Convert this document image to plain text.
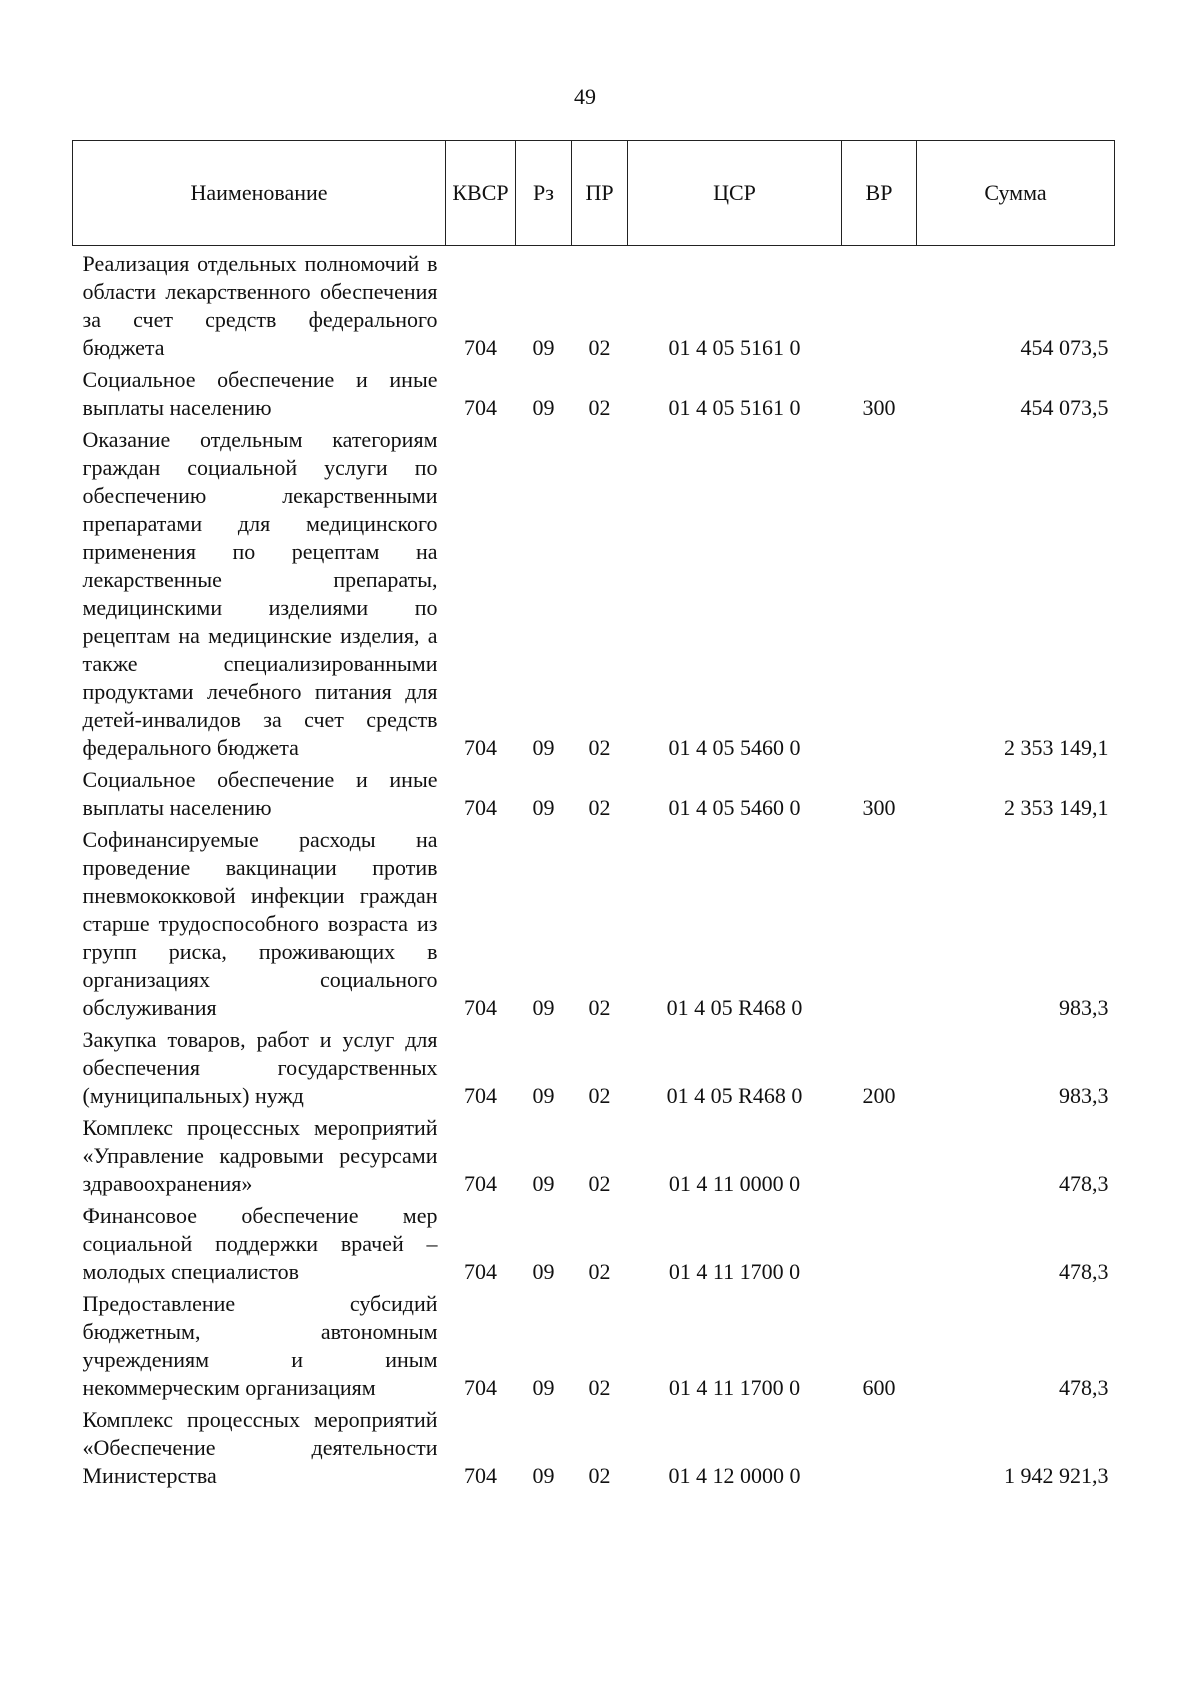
49
Наименование	КВСР	Рз	ПР	ЦСР	ВР	Сумма
Реализация отдельных полномочий в области лекарственного обеспечения за счет средств федерального бюджета	704	09	02	01 4 05 5161 0		454 073,5
Социальное обеспечение и иные выплаты населению	704	09	02	01 4 05 5161 0	300	454 073,5
Оказание отдельным категориям граждан социальной услуги по обеспечению лекарственными препаратами для медицинского применения по рецептам на лекарственные препараты, медицинскими изделиями по рецептам на медицинские изделия, а также специализированными продуктами лечебного питания для детей-инвалидов за счет средств федерального бюджета	704	09	02	01 4 05 5460 0		2 353 149,1
Социальное обеспечение и иные выплаты населению	704	09	02	01 4 05 5460 0	300	2 353 149,1
Софинансируемые расходы на проведение вакцинации против пневмококковой инфекции граждан старше трудоспособного возраста из групп риска, проживающих в организациях социального обслуживания	704	09	02	01 4 05 R468 0		983,3
Закупка товаров, работ и услуг для обеспечения государственных (муниципальных) нужд	704	09	02	01 4 05 R468 0	200	983,3
Комплекс процессных мероприятий «Управление кадровыми ресурсами здравоохранения»	704	09	02	01 4 11 0000 0		478,3
Финансовое обеспечение мер социальной поддержки врачей – молодых специалистов	704	09	02	01 4 11 1700 0		478,3
Предоставление субсидий бюджетным, автономным учреждениям и иным некоммерческим организациям	704	09	02	01 4 11 1700 0	600	478,3
Комплекс процессных мероприятий «Обеспечение деятельности Министерства	704	09	02	01 4 12 0000 0		1 942 921,3
